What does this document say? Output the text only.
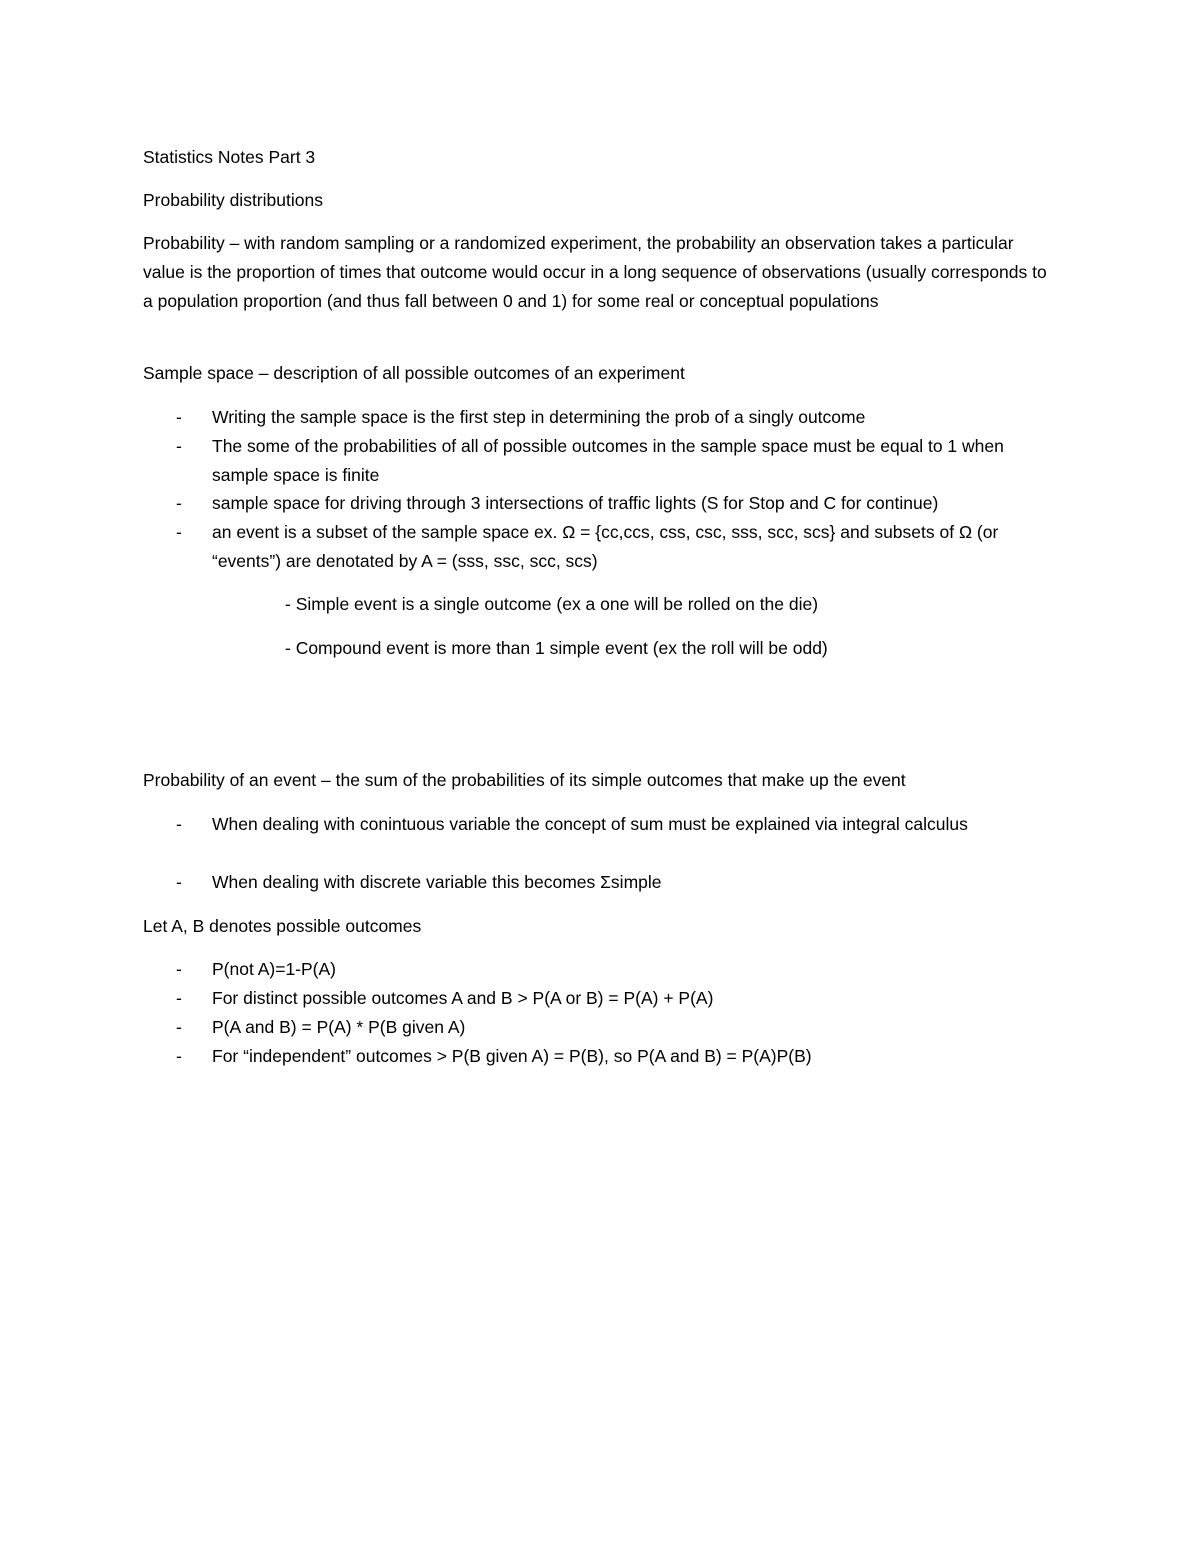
Statistics Notes Part 3

Probability distributions

Probability – with random sampling or a randomized experiment, the probability an observation takes a particular value is the proportion of times that outcome would occur in a long sequence of observations (usually corresponds to a population proportion (and thus fall between 0 and 1) for some real or conceptual populations

Sample space – description of all possible outcomes of an experiment

-	Writing the sample space is the first step in determining the prob of a singly outcome
-	The some of the probabilities of all of possible outcomes in the sample space must be equal to 1 when sample space is finite
-	sample space for driving through 3 intersections of traffic lights (S for Stop and C for continue)
-	an event is a subset of the sample space ex. Ω = {cc,ccs, css, csc, sss, scc, scs} and subsets of Ω (or “events”) are denotated by A = (sss, ssc, scc, scs)

- Simple event is a single outcome (ex a one will be rolled on the die)

- Compound event is more than 1 simple event (ex the roll will be odd)

Probability of an event – the sum of the probabilities of its simple outcomes that make up the event

-	When dealing with conintuous variable the concept of sum must be explained via integral calculus
-	When dealing with discrete variable this becomes Σsimple

Let A, B denotes possible outcomes

-	P(not A)=1-P(A)
-	For distinct possible outcomes A and B > P(A or B) = P(A) + P(A)
-	P(A and B) = P(A) * P(B given A)
-	For “independent” outcomes > P(B given A) = P(B), so P(A and B) = P(A)P(B)
